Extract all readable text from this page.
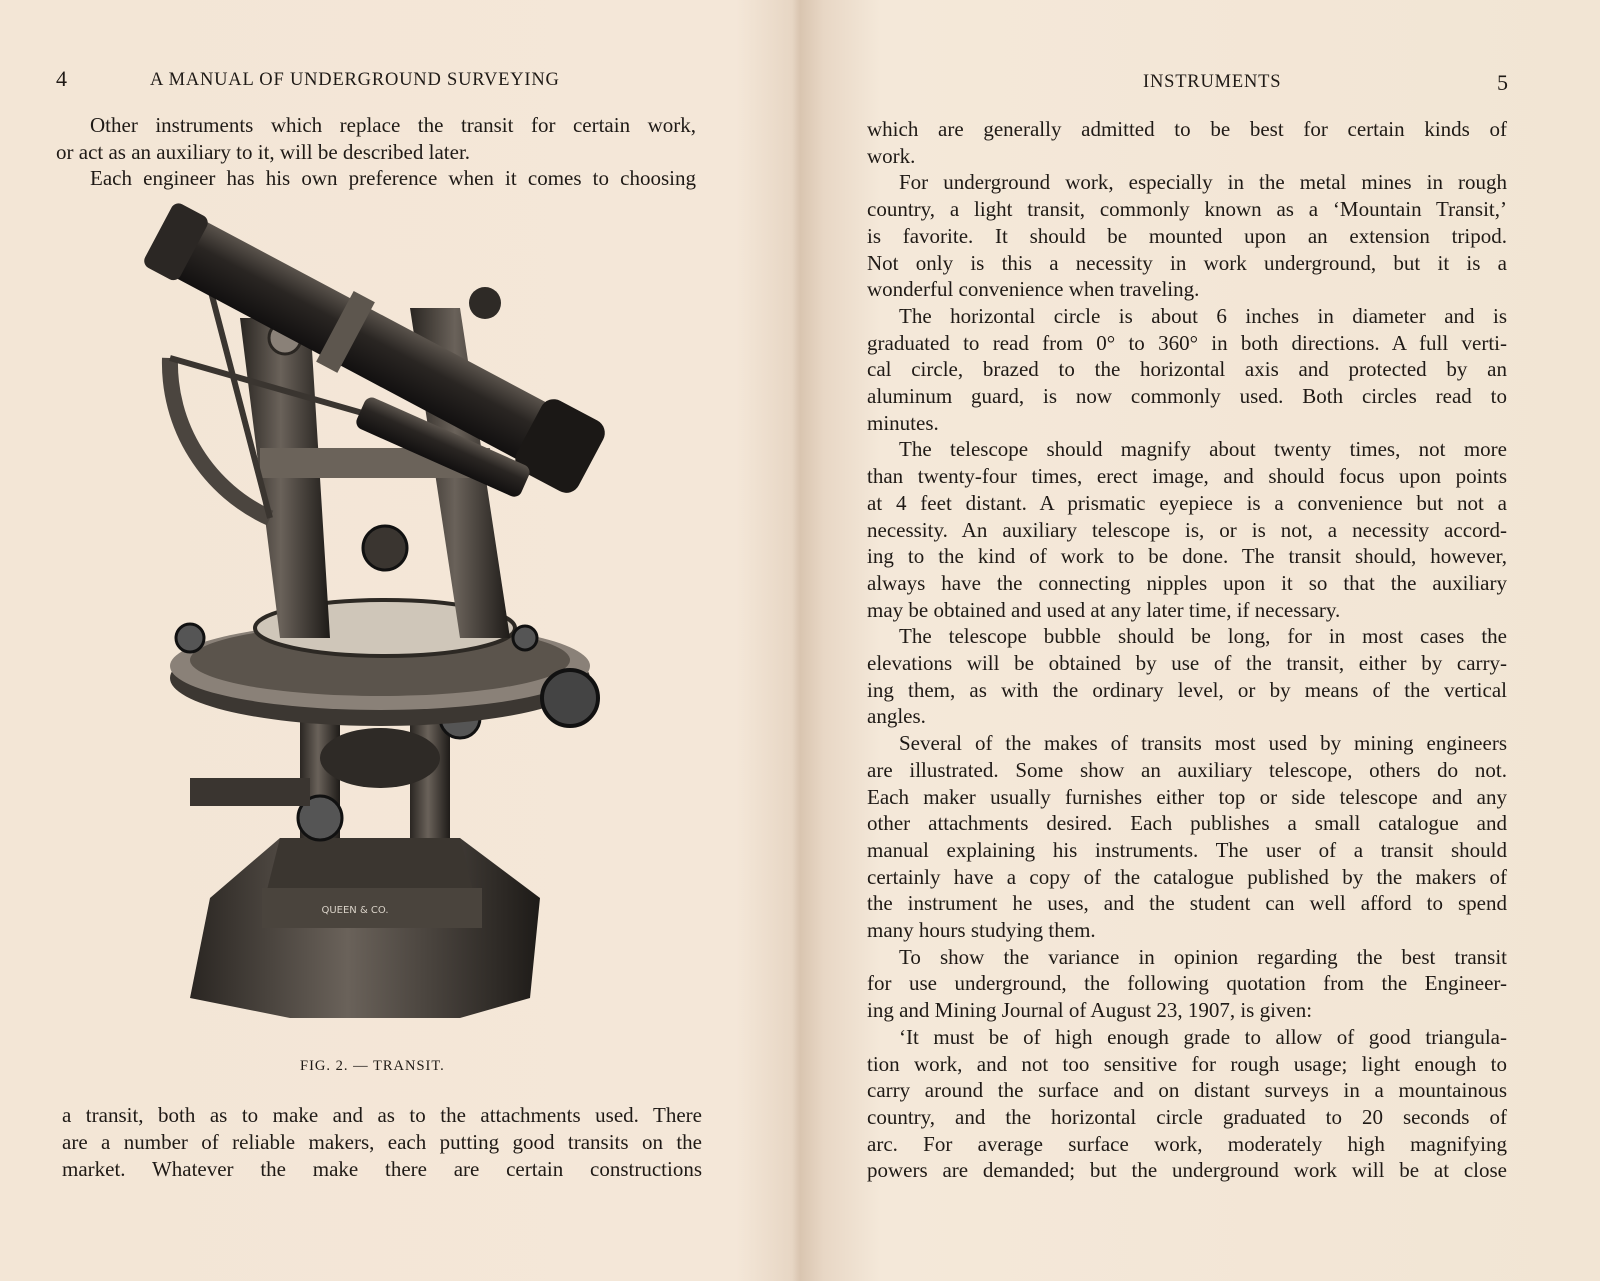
4	A MANUAL OF UNDERGROUND SURVEYING
Other instruments which replace the transit for certain work,
or act as an auxiliary to it, will be described later.
Each engineer has his own preference when it comes to choosing
QUEEN & CO.
FIG. 2. — TRANSIT.
a transit, both as to make and as to the attachments used. There
are a number of reliable makers, each putting good transits on the
market. Whatever the make there are certain constructions
INSTRUMENTS	5
which are generally admitted to be best for certain kinds of
work.
For underground work, especially in the metal mines in rough
country, a light transit, commonly known as a ‘Mountain Transit,’
is favorite. It should be mounted upon an extension tripod.
Not only is this a necessity in work underground, but it is a
wonderful convenience when traveling.
The horizontal circle is about 6 inches in diameter and is
graduated to read from 0° to 360° in both directions. A full verti-
cal circle, brazed to the horizontal axis and protected by an
aluminum guard, is now commonly used. Both circles read to
minutes.
The telescope should magnify about twenty times, not more
than twenty-four times, erect image, and should focus upon points
at 4 feet distant. A prismatic eyepiece is a convenience but not a
necessity. An auxiliary telescope is, or is not, a necessity accord-
ing to the kind of work to be done. The transit should, however,
always have the connecting nipples upon it so that the auxiliary
may be obtained and used at any later time, if necessary.
The telescope bubble should be long, for in most cases the
elevations will be obtained by use of the transit, either by carry-
ing them, as with the ordinary level, or by means of the vertical
angles.
Several of the makes of transits most used by mining engineers
are illustrated. Some show an auxiliary telescope, others do not.
Each maker usually furnishes either top or side telescope and any
other attachments desired. Each publishes a small catalogue and
manual explaining his instruments. The user of a transit should
certainly have a copy of the catalogue published by the makers of
the instrument he uses, and the student can well afford to spend
many hours studying them.
To show the variance in opinion regarding the best transit
for use underground, the following quotation from the Engineer-
ing and Mining Journal of August 23, 1907, is given:
‘It must be of high enough grade to allow of good triangula-
tion work, and not too sensitive for rough usage; light enough to
carry around the surface and on distant surveys in a mountainous
country, and the horizontal circle graduated to 20 seconds of
arc. For average surface work, moderately high magnifying
powers are demanded; but the underground work will be at close
